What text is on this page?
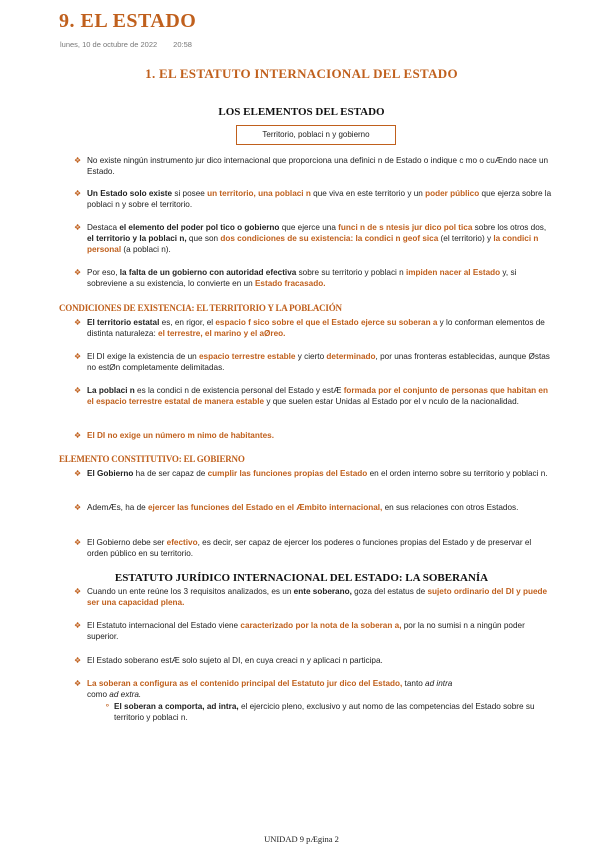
9. EL ESTADO
lunes, 10 de octubre de 2022 20:58
1. EL ESTATUTO INTERNACIONAL DEL ESTADO
LOS ELEMENTOS DEL ESTADO
Territorio, poblaci n y gobierno
❖ No existe ningún instrumento jur dico internacional que proporciona una definici n de Estado o indique c mo o cuÆndo nace un Estado.
❖ Un Estado solo existe si posee un territorio, una poblaci n que viva en este territorio y un poder público que ejerza sobre la poblaci n y sobre el territorio.
❖ Destaca el elemento del poder pol tico o gobierno que ejerce una funci n de s ntesis jur dico pol tica sobre los otros dos, el territorio y la poblaci n, que son dos condiciones de su existencia: la condici n geof sica (el territorio) y la condici n personal (a poblaci n).
❖ Por eso, la falta de un gobierno con autoridad efectiva sobre su territorio y poblaci n impiden nacer al Estado y, si sobreviene a su existencia, lo convierte en un Estado fracasado.
CONDICIONES DE EXISTENCIA: EL TERRITORIO Y LA POBLACIÓN
❖ El territorio estatal es, en rigor, el espacio f sico sobre el que el Estado ejerce su soberan a y lo conforman elementos de distinta naturaleza: el terrestre, el marino y el aØreo.
❖ El DI exige la existencia de un espacio terrestre estable y cierto determinado, por unas fronteras establecidas, aunque Østas no estØn completamente delimitadas.
❖ La poblaci n es la condici n de existencia personal del Estado y estÆ formada por el conjunto de personas que habitan en el espacio terrestre estatal de manera estable y que suelen estar Unidas al Estado por el v nculo de la nacionalidad.
❖ El DI no exige un número m nimo de habitantes.
ELEMENTO CONSTITUTIVO: EL GOBIERNO
❖ El Gobierno ha de ser capaz de cumplir las funciones propias del Estado en el orden interno sobre su territorio y poblaci n.
❖ AdemÆs, ha de ejercer las funciones del Estado en el Æmbito internacional, en sus relaciones con otros Estados.
❖ El Gobierno debe ser efectivo, es decir, ser capaz de ejercer los poderes o funciones propias del Estado y de preservar el orden público en su territorio.
ESTATUTO JURÍDICO INTERNACIONAL DEL ESTADO: LA SOBERANÍA
❖ Cuando un ente reúne los 3 requisitos analizados, es un ente soberano, goza del estatus de sujeto ordinario del DI y puede ser una capacidad plena.
❖ El Estatuto internacional del Estado viene caracterizado por la nota de la soberan a, por la no sumisi n a ningún poder superior.
❖ El Estado soberano estÆ solo sujeto al DI, en cuya creaci n y aplicaci n participa.
❖ La soberan a configura as el contenido principal del Estatuto jur dico del Estado, tanto ad intra
como ad extra.
⚬ El soberan a comporta, ad intra, el ejercicio pleno, exclusivo y aut nomo de las competencias del Estado sobre su territorio y poblaci n.
UNIDAD 9 pÆgina 2
